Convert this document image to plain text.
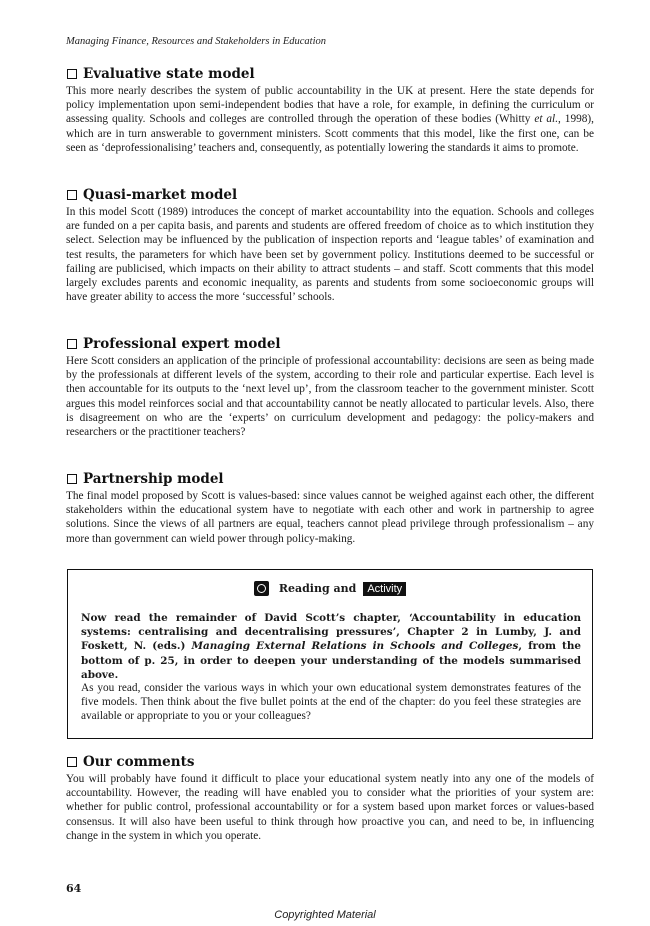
Managing Finance, Resources and Stakeholders in Education
Evaluative state model

This more nearly describes the system of public accountability in the UK at present. Here the state depends for policy implementation upon semi-independent bodies that have a role, for example, in defining the curriculum or assessing quality. Schools and colleges are controlled through the operation of these bodies (Whitty et al., 1998), which are in turn answerable to government ministers. Scott comments that this model, like the first one, can be seen as ‘deprofessionalising’ teachers and, consequently, as potentially lowering the standards it aims to promote.

Quasi-market model

In this model Scott (1989) introduces the concept of market accountability into the equation. Schools and colleges are funded on a per capita basis, and parents and students are offered freedom of choice as to which institution they select. Selection may be influenced by the publication of inspection reports and ‘league tables’ of examination and test results, the parameters for which have been set by government policy. Institutions deemed to be successful or failing are publicised, which impacts on their ability to attract students – and staff. Scott comments that this model largely excludes parents and economic inequality, as parents and students from some socioeconomic groups will have greater ability to access the more ‘successful’ schools.

Professional expert model

Here Scott considers an application of the principle of professional accountability: decisions are seen as being made by the professionals at different levels of the system, according to their role and particular expertise. Each level is then accountable for its outputs to the ‘next level up’, from the classroom teacher to the government minister. Scott argues this model reinforces social and that accountability cannot be neatly allocated to particular levels. Also, there is disagreement on who are the ‘experts’ on curriculum development and pedagogy: the policy-makers and researchers or the practitioner teachers?

Partnership model

The final model proposed by Scott is values-based: since values cannot be weighed against each other, the different stakeholders within the educational system have to negotiate with each other and work in partnership to agree solutions. Since the views of all partners are equal, teachers cannot plead privilege through professionalism – any more than government can wield power through policy-making.

Reading and	Activity

Now read the remainder of David Scott’s chapter, ‘Accountability in education systems: centralising and decentralising pressures’, Chapter 2 in Lumby, J. and Foskett, N. (eds.) Managing External Relations in Schools and Colleges, from the bottom of p. 25, in order to deepen your understanding of the models summarised above.

As you read, consider the various ways in which your own educational system demonstrates features of the five models. Then think about the five bullet points at the end of the chapter: do you feel these strategies are available or appropriate to you or your colleagues?

Our comments

You will probably have found it difficult to place your educational system neatly into any one of the models of accountability. However, the reading will have enabled you to consider what the priorities of your system are: whether for public control, professional accountability or for a system based upon market forces or values-based consensus. It will also have been useful to think through how proactive you can, and need to be, in influencing change in the system in which you operate.

64
Copyrighted Material
